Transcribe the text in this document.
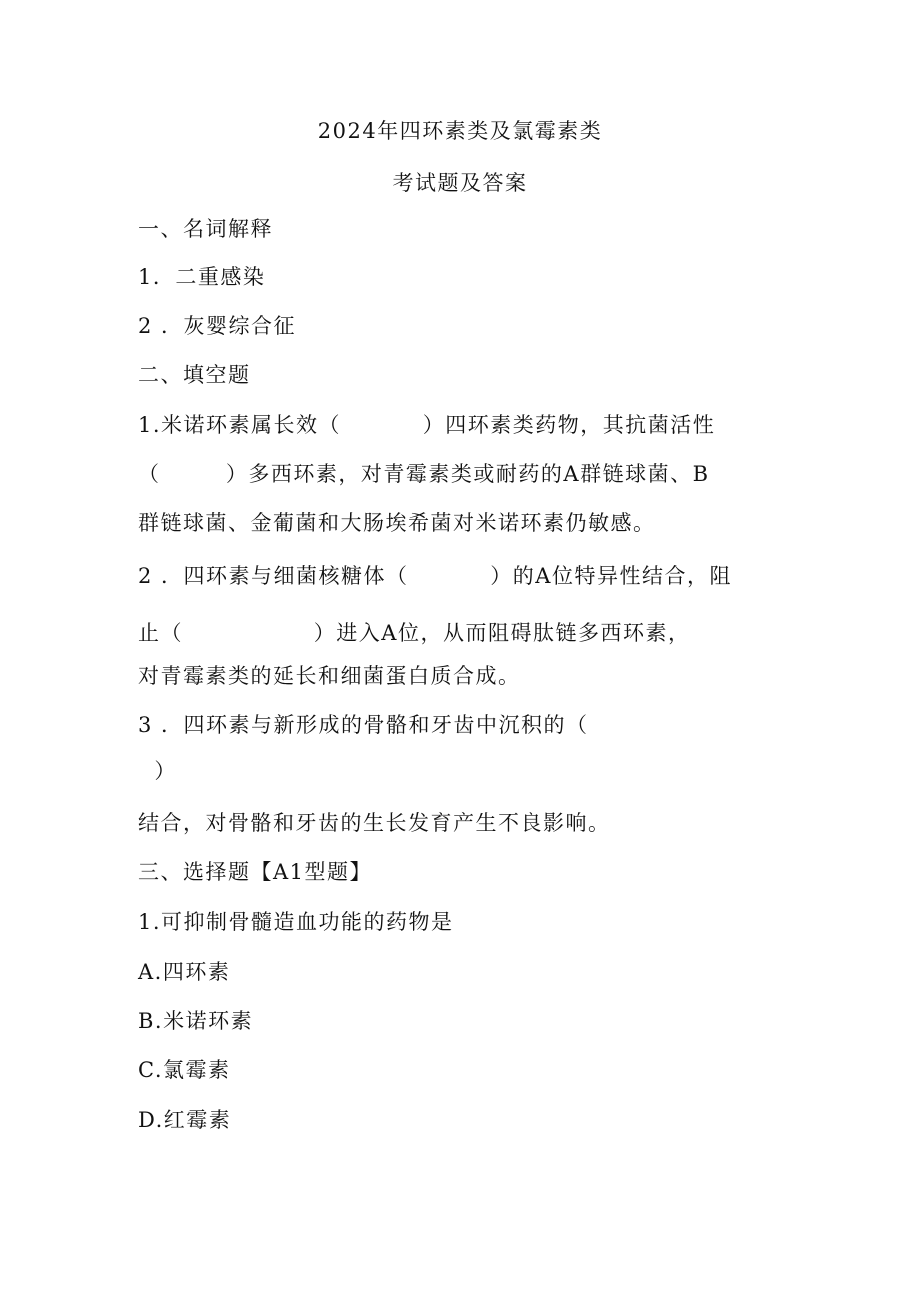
2024年四环素类及氯霉素类
考试题及答案
一、名词解释
1．二重感染
2 ．灰婴综合征
二、填空题
1.米诺环素属长效（          ）四环素类药物，其抗菌活性
（        ）多西环素，对青霉素类或耐药的A群链球菌、B
群链球菌、金葡菌和大肠埃希菌对米诺环素仍敏感。
2 ．四环素与细菌核糖体（          ）的A位特异性结合，阻
止（                ）进入A位，从而阻碍肽链多西环素，
对青霉素类的延长和细菌蛋白质合成。
3 ．四环素与新形成的骨骼和牙齿中沉积的（
）
结合，对骨骼和牙齿的生长发育产生不良影响。
三、选择题【A1型题】
1.可抑制骨髓造血功能的药物是
A.四环素
B.米诺环素
C.氯霉素
D.红霉素
